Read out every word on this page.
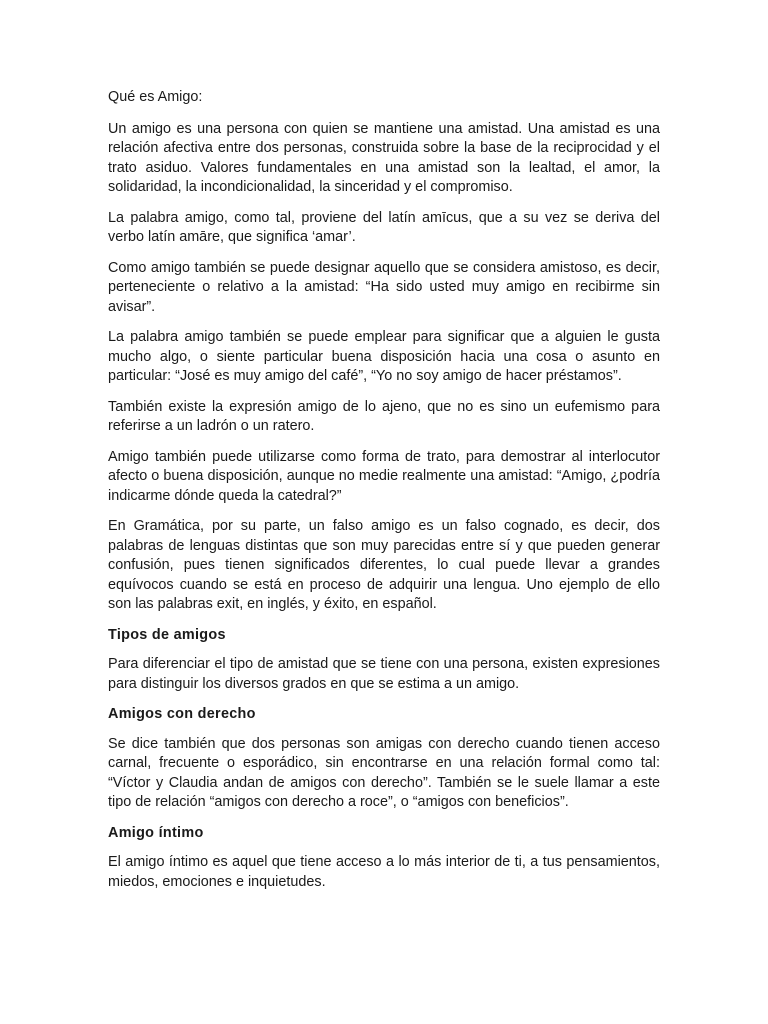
Qué es Amigo:

Un amigo es una persona con quien se mantiene una amistad. Una amistad es una relación afectiva entre dos personas, construida sobre la base de la reciprocidad y el trato asiduo. Valores fundamentales en una amistad son la lealtad, el amor, la solidaridad, la incondicionalidad, la sinceridad y el compromiso.

La palabra amigo, como tal, proviene del latín amīcus, que a su vez se deriva del verbo latín amāre, que significa ‘amar’.

Como amigo también se puede designar aquello que se considera amistoso, es decir, perteneciente o relativo a la amistad: “Ha sido usted muy amigo en recibirme sin avisar”.

La palabra amigo también se puede emplear para significar que a alguien le gusta mucho algo, o siente particular buena disposición hacia una cosa o asunto en particular: “José es muy amigo del café”, “Yo no soy amigo de hacer préstamos”.

También existe la expresión amigo de lo ajeno, que no es sino un eufemismo para referirse a un ladrón o un ratero.

Amigo también puede utilizarse como forma de trato, para demostrar al interlocutor afecto o buena disposición, aunque no medie realmente una amistad: “Amigo, ¿podría indicarme dónde queda la catedral?”

En Gramática, por su parte, un falso amigo es un falso cognado, es decir, dos palabras de lenguas distintas que son muy parecidas entre sí y que pueden generar confusión, pues tienen significados diferentes, lo cual puede llevar a grandes equívocos cuando se está en proceso de adquirir una lengua. Uno ejemplo de ello son las palabras exit, en inglés, y éxito, en español.

Tipos de amigos

Para diferenciar el tipo de amistad que se tiene con una persona, existen expresiones para distinguir los diversos grados en que se estima a un amigo.

Amigos con derecho

Se dice también que dos personas son amigas con derecho cuando tienen acceso carnal, frecuente o esporádico, sin encontrarse en una relación formal como tal: “Víctor y Claudia andan de amigos con derecho”. También se le suele llamar a este tipo de relación “amigos con derecho a roce”, o “amigos con beneficios”.

Amigo íntimo

El amigo íntimo es aquel que tiene acceso a lo más interior de ti, a tus pensamientos, miedos, emociones e inquietudes.
